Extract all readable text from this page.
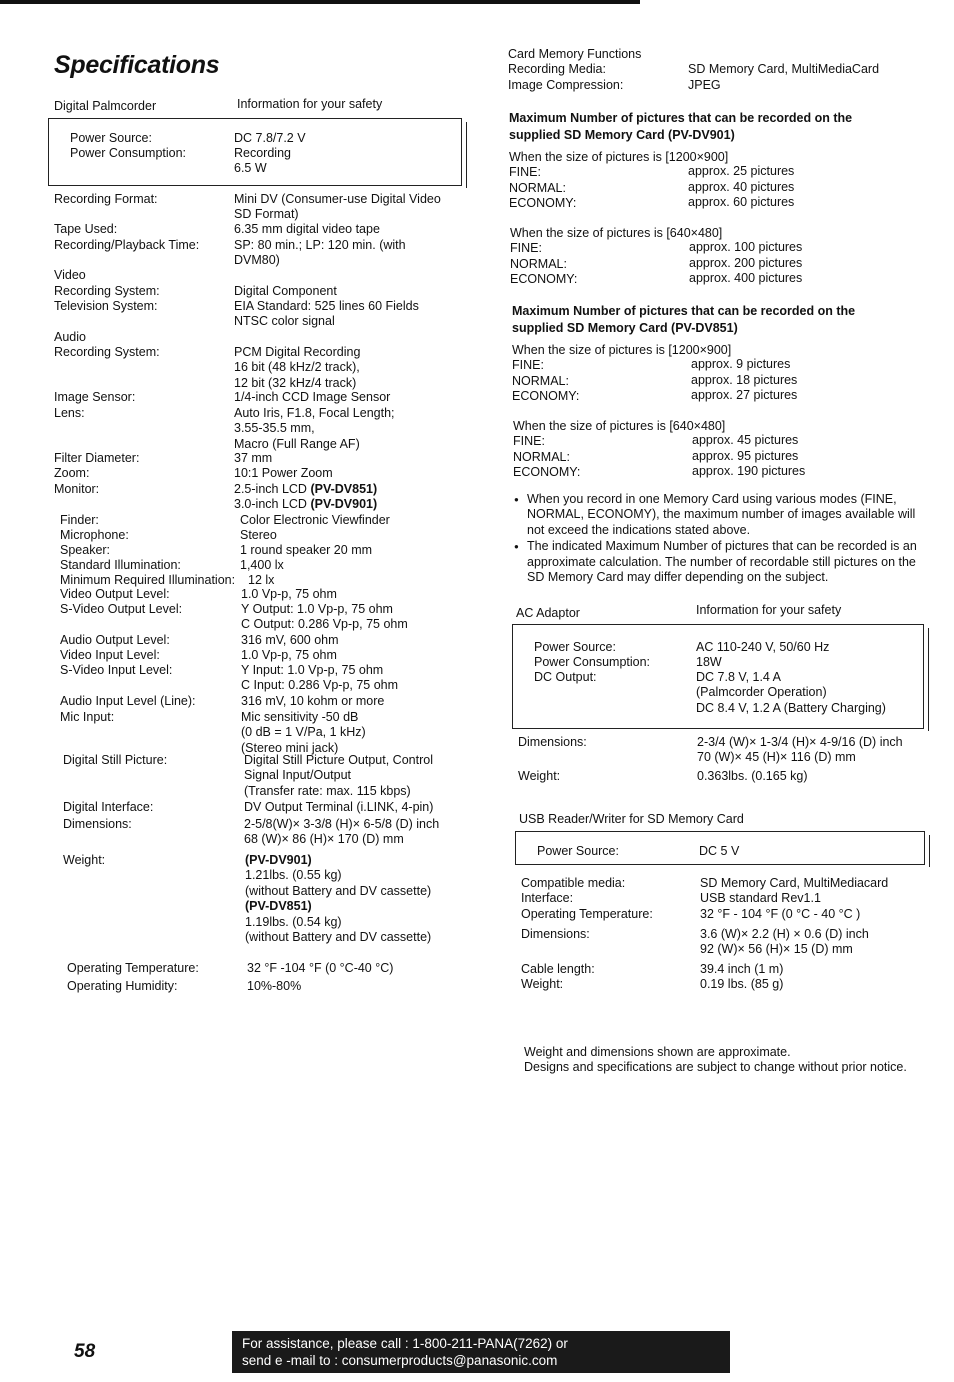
Specifications
Digital Palmcorder	Information for your safety
Power Source:	DC 7.8/7.2 V
Power Consumption:	Recording
6.5 W
Recording Format:	Mini DV (Consumer-use Digital Video
SD Format)
Tape Used:	6.35 mm digital video tape
Recording/Playback Time:	SP: 80 min.; LP: 120 min. (with
DVM80)
Video
Recording System:	Digital Component
Television System:	EIA Standard: 525 lines 60 Fields
NTSC color signal
Audio
Recording System:	PCM Digital Recording
16 bit (48 kHz/2 track),
12 bit (32 kHz/4 track)
Image Sensor:	1/4-inch CCD Image Sensor
Lens:	Auto Iris, F1.8, Focal Length;
3.55-35.5 mm,
Macro (Full Range AF)
Filter Diameter:	37 mm
Zoom:	10:1 Power Zoom
Monitor:	2.5-inch LCD (PV-DV851)
3.0-inch LCD (PV-DV901)
Finder:	Color Electronic Viewfinder
Microphone:	Stereo
Speaker:	1 round speaker 20 mm
Standard Illumination:	1,400 lx
Minimum Required Illumination: 12 lx
Video Output Level:	1.0 Vp-p, 75 ohm
S-Video Output Level:	Y Output: 1.0 Vp-p, 75 ohm
C Output: 0.286 Vp-p, 75 ohm
Audio Output Level:	316 mV, 600 ohm
Video Input Level:	1.0 Vp-p, 75 ohm
S-Video Input Level:	Y Input: 1.0 Vp-p, 75 ohm
C Input: 0.286 Vp-p, 75 ohm
Audio Input Level (Line):	316 mV, 10 kohm or more
Mic Input:	Mic sensitivity -50 dB
(0 dB = 1 V/Pa, 1 kHz)
(Stereo mini jack)
Digital Still Picture:	Digital Still Picture Output, Control
Signal Input/Output
(Transfer rate: max. 115 kbps)
Digital Interface:	DV Output Terminal (i.LINK, 4-pin)
Dimensions:	2-5/8(W)× 3-3/8 (H)× 6-5/8 (D) inch
68 (W)× 86 (H)× 170 (D) mm
Weight:	(PV-DV901)
1.21lbs. (0.55 kg)
(without Battery and DV cassette)
(PV-DV851)
1.19lbs. (0.54 kg)
(without Battery and DV cassette)
Operating Temperature:	32 °F -104 °F (0 °C-40 °C)
Operating Humidity:	10%-80%
Card Memory Functions
Recording Media:	SD Memory Card, MultiMediaCard
Image Compression:	JPEG
Maximum Number of pictures that can be recorded on the
supplied SD Memory Card (PV-DV901)
When the size of pictures is [1200×900]
FINE:	approx. 25 pictures
NORMAL:	approx. 40 pictures
ECONOMY:	approx. 60 pictures
When the size of pictures is [640×480]
FINE:	approx. 100 pictures
NORMAL:	approx. 200 pictures
ECONOMY:	approx. 400 pictures
Maximum Number of pictures that can be recorded on the
supplied SD Memory Card (PV-DV851)
When the size of pictures is [1200×900]
FINE:	approx. 9 pictures
NORMAL:	approx. 18 pictures
ECONOMY:	approx. 27 pictures
When the size of pictures is [640×480]
FINE:	approx. 45 pictures
NORMAL:	approx. 95 pictures
ECONOMY:	approx. 190 pictures

● When you record in one Memory Card using various modes (FINE, NORMAL, ECONOMY), the maximum number of images available will not exceed the indications stated above.

● The indicated Maximum Number of pictures that can be recorded is an approximate calculation. The number of recordable still pictures on the SD Memory Card may differ depending on the subject.

AC Adaptor	Information for your safety
Power Source:	AC 110-240 V, 50/60 Hz
Power Consumption:	18W
DC Output:	DC 7.8 V, 1.4 A
(Palmcorder Operation)
DC 8.4 V, 1.2 A (Battery Charging)
Dimensions:	2-3/4 (W)× 1-3/4 (H)× 4-9/16 (D) inch
70 (W)× 45 (H)× 116 (D) mm
Weight:	0.363lbs. (0.165 kg)
USB Reader/Writer for SD Memory Card
Power Source:	DC 5 V
Compatible media:	SD Memory Card, MultiMediacard
Interface:	USB standard Rev1.1
Operating Temperature:	32 °F - 104 °F (0 °C - 40 °C )
Dimensions:	3.6 (W)× 2.2 (H) × 0.6 (D) inch
92 (W)× 56 (H)× 15 (D) mm
Cable length:	39.4 inch (1 m)
Weight:	0.19 lbs. (85 g)
Weight and dimensions shown are approximate.
Designs and specifications are subject to change without prior notice.
58	For assistance, please call : 1-800-211-PANA(7262) or
send e -mail to : consumerproducts@panasonic.com
